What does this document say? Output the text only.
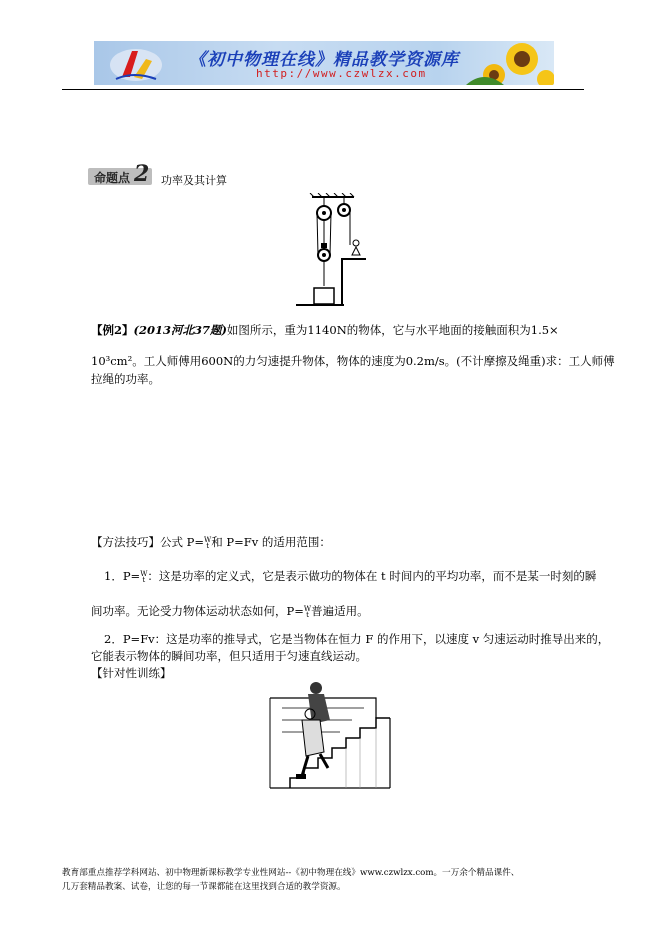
《初中物理在线》精品教学资源库
http://www.czwlzx.com
命题点 2 功率及其计算
【例2】(2013河北37题)如图所示，重为1140N的物体，它与水平地面的接触面积为1.5×
10³cm²。工人师傅用600N的力匀速提升物体，物体的速度为0.2m/s。(不计摩擦及绳重)求：工人师傅
拉绳的功率。
【方法技巧】公式 P= W
t 和 P=Fv 的适用范围：
1．P= W
t ：这是功率的定义式，它是表示做功的物体在 t 时间内的平均功率，而不是某一时刻的瞬
间功率。无论受力物体运动状态如何，P= W
t 普遍适用。
2．P=Fv：这是功率的推导式，它是当物体在恒力 F 的作用下，以速度 v 匀速运动时推导出来的，
它能表示物体的瞬间功率，但只适用于匀速直线运动。
【针对性训练】
教育部重点推荐学科网站、初中物理新课标教学专业性网站--《初中物理在线》www.czwlzx.com。一万余个精品课件、
几万套精品教案、试卷，让您的每一节课都能在这里找到合适的教学资源。
